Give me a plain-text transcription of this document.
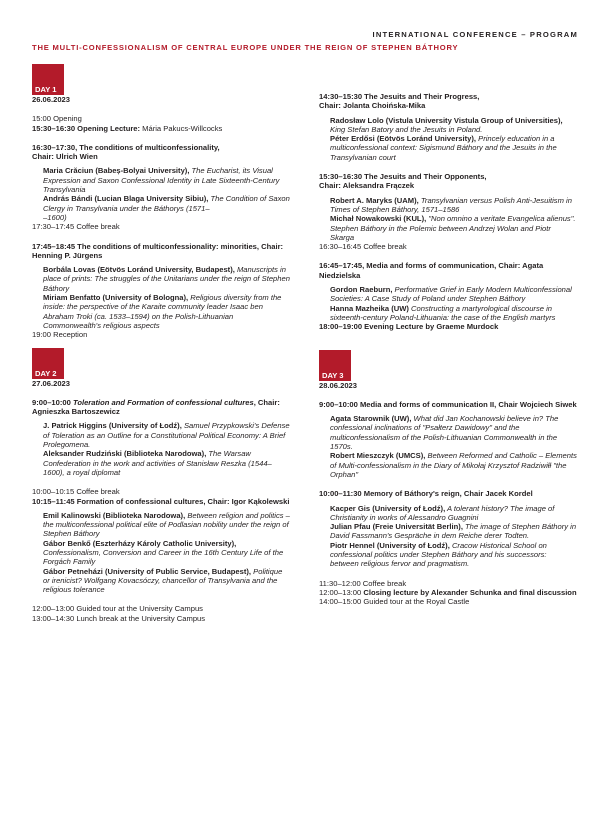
INTERNATIONAL CONFERENCE – PROGRAM
THE MULTI-CONFESSIONALISM OF CENTRAL EUROPE UNDER THE REIGN OF STEPHEN BÁTHORY
DAY 1

26.06.2023

15:00 Opening

15:30–16:30 Opening Lecture: Mária Pakucs-Willcocks

16:30–17:30, The conditions of multiconfessionality,

Chair: Ulrich Wien

Maria Crăciun (Babeș-Bolyai University), The Eucharist, its Visual Expression and Saxon Confessional Identity in Late Sixteenth-Century Transylvania

András Bándi (Lucian Blaga University Sibiu), The Condition of Saxon Clergy in Transylvania under the Báthorys (1571–

–1600)

17:30–17:45 Coffee break

17:45–18:45 The conditions of multiconfessionality: minorities, Chair: Henning P. Jürgens

Borbála Lovas (Eötvös Loránd University, Budapest), Manuscripts in place of prints: The struggles of the Unitarians under the reign of Stephen Báthory

Miriam Benfatto (University of Bologna), Religious diversity from the inside: the perspective of the Karaite community leader Isaac ben Abraham Troki (ca. 1533–1594) on the Polish-Lithuanian Commonwealth's religious aspects

19:00 Reception

DAY 2

27.06.2023

9:00–10:00 Toleration and Formation of confessional cultures, Chair: Agnieszka Bartoszewicz

J. Patrick Higgins (University of Łodź), Samuel Przypkowski's Defense of Toleration as an Outline for a Constitutional Political Economy: A Brief Prolegomena.

Aleksander Rudziński (Biblioteka Narodowa), The Warsaw Confederation in the work and activities of Stanisław Reszka (1544–1600), a royal diplomat

10:00–10:15 Coffee break

10:15–11:45 Formation of confessional cultures, Chair: Igor Kąkolewski

Emil Kalinowski (Biblioteka Narodowa), Between religion and politics – the multiconfessional political elite of Podlasian nobility under the reign of Stephen Báthory

Gábor Benkő (Eszterházy Károly Catholic University), Confessionalism, Conversion and Career in the 16th Century Life of the Forgách Family

Gábor Petneházi (University of Public Service, Budapest), Politique or irenicist? Wolfgang Kovacsóczy, chancellor of Transylvania and the religious tolerance

12:00–13:00 Guided tour at the University Campus

13:00–14:30 Lunch break at the University Campus

14:30–15:30 The Jesuits and Their Progress,

Chair: Jolanta Choińska-Mika

Radosław Lolo (Vistula University Vistula Group of Universities), King Stefan Batory and the Jesuits in Poland.

Péter Erdősi (Eötvös Loránd University), Princely education in a multiconfessional context: Sigismund Báthory and the Jesuits in the Transylvanian court

15:30–16:30 The Jesuits and Their Opponents,

Chair: Aleksandra Frączek

Robert A. Maryks (UAM), Transylvanian versus Polish Anti-Jesuitism in Times of Stephen Báthory, 1571–1586

Michał Nowakowski (KUL), "Non omnino a veritate Evangelica alienus". Stephen Báthory in the Polemic between Andrzej Wolan and Piotr Skarga

16:30–16:45 Coffee break

16:45–17:45, Media and forms of communication, Chair: Agata Niedzielska

Gordon Raeburn, Performative Grief in Early Modern Multiconfessional Societies: A Case Study of Poland under Stephen Báthory

Hanna Mazheika (UW) Constructing a martyrological discourse in sixteenth-century Poland-Lithuania: the case of the English martyrs

18:00–19:00 Evening Lecture by Graeme Murdock

DAY 3

28.06.2023

9:00–10:00 Media and forms of communication II, Chair Wojciech Siwek

Agata Starownik (UW), What did Jan Kochanowski believe in? The confessional inclinations of "Psałterz Dawidowy" and the multiconfessionalism of the Polish-Lithuanian Commonwealth in the 1570s.

Robert Mieszczyk (UMCS), Between Reformed and Catholic – Elements of Multi-confessionalism in the Diary of Mikołaj Krzysztof Radziwiłł "the Orphan"

10:00–11:30 Memory of Báthory's reign, Chair Jacek Kordel

Kacper Gis (University of Łodź), A tolerant history? The image of Christianity in works of Alessandro Guagnini

Julian Pfau (Freie Universität Berlin), The image of Stephen Báthory in David Fassmann's Gespräche in dem Reiche derer Todten.

Piotr Hennel (University of Łodź), Cracow Historical School on confessional politics under Stephen Báthory and his successors: between religious fervor and pragmatism.

11:30–12:00 Coffee break

12:00–13:00 Closing lecture by Alexander Schunka and final discussion

14:00–15:00 Guided tour at the Royal Castle
